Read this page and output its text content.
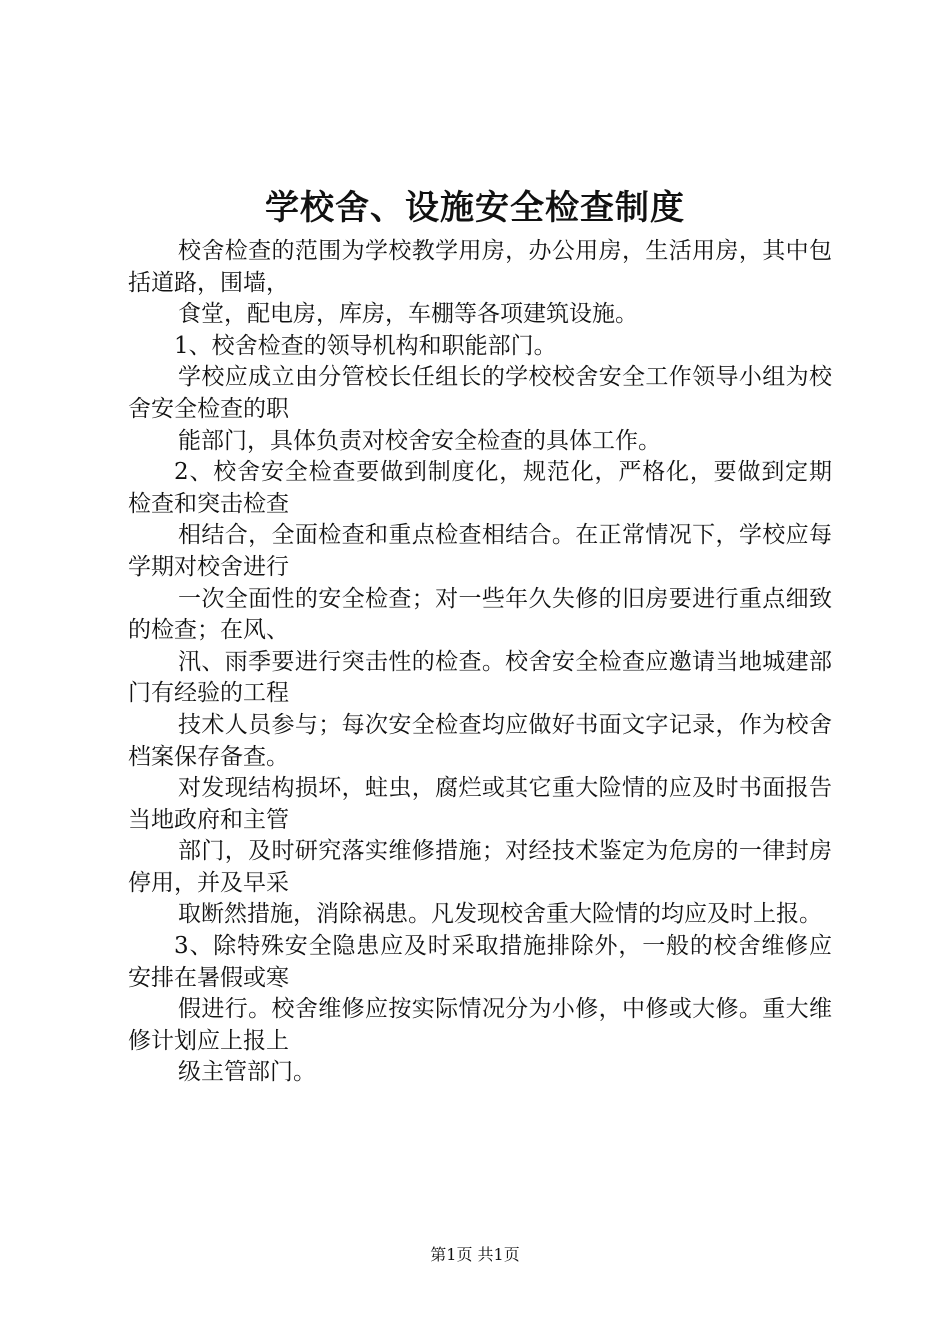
学校舍、设施安全检查制度

校舍检查的范围为学校教学用房，办公用房，生活用房，其中包括道路，围墙，

食堂，配电房，库房，车棚等各项建筑设施。

1、校舍检查的领导机构和职能部门。

学校应成立由分管校长任组长的学校校舍安全工作领导小组为校舍安全检查的职

能部门，具体负责对校舍安全检查的具体工作。

2、校舍安全检查要做到制度化，规范化，严格化，要做到定期检查和突击检查

相结合，全面检查和重点检查相结合。在正常情况下，学校应每学期对校舍进行

一次全面性的安全检查；对一些年久失修的旧房要进行重点细致的检查；在风、

汛、雨季要进行突击性的检查。校舍安全检查应邀请当地城建部门有经验的工程

技术人员参与；每次安全检查均应做好书面文字记录，作为校舍档案保存备查。

对发现结构损坏，蛀虫，腐烂或其它重大险情的应及时书面报告当地政府和主管

部门，及时研究落实维修措施；对经技术鉴定为危房的一律封房停用，并及早采

取断然措施，消除祸患。凡发现校舍重大险情的均应及时上报。

3、除特殊安全隐患应及时采取措施排除外，一般的校舍维修应安排在暑假或寒

假进行。校舍维修应按实际情况分为小修，中修或大修。重大维修计划应上报上

级主管部门。

第1页 共1页
